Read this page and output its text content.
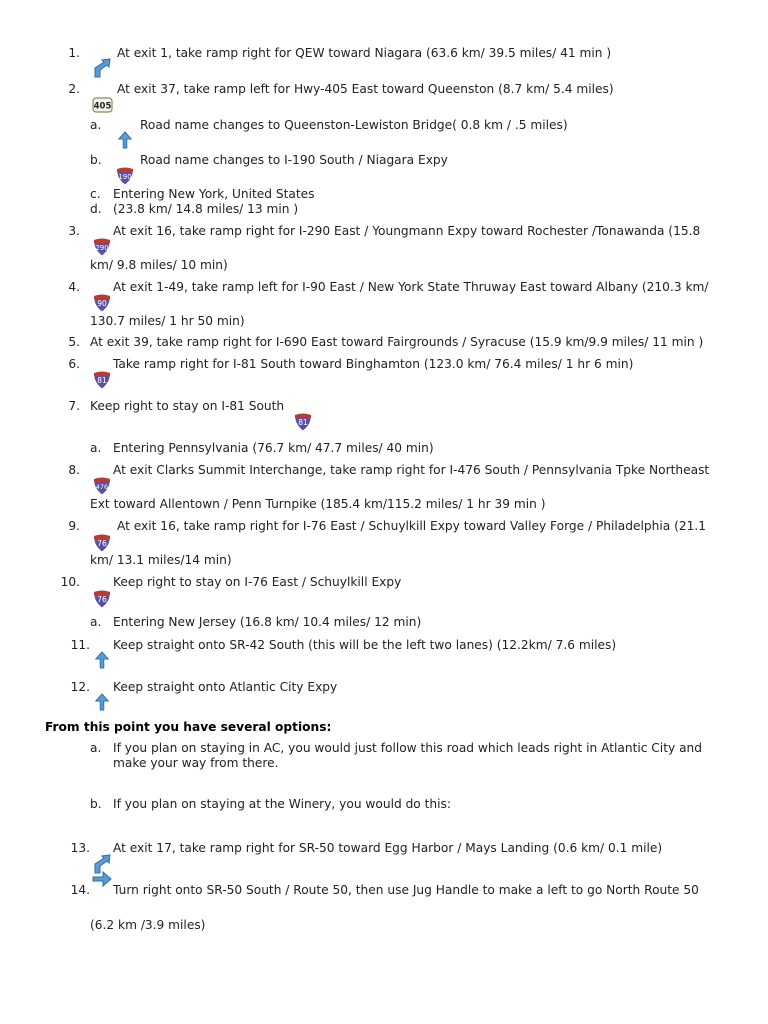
1.	At exit 1, take ramp right for QEW toward Niagara (63.6 km/ 39.5 miles/ 41 min )
2.
405
At exit 37, take ramp left for Hwy-405 East toward Queenston (8.7 km/ 5.4 miles)
a.	Road name changes to Queenston-Lewiston Bridge( 0.8 km / .5 miles)
b.
190
Road name changes to I-190 South / Niagara Expy
c. Entering New York, United States
d. (23.8 km/ 14.8 miles/ 13 min )
3.
290
At exit 16, take ramp right for I-290 East / Youngmann Expy toward Rochester /Tonawanda (15.8
km/ 9.8 miles/ 10 min)
4.
90
At exit 1-49, take ramp left for I-90 East / New York State Thruway East toward Albany (210.3 km/
130.7 miles/ 1 hr 50 min)
5. At exit 39, take ramp right for I-690 East toward Fairgrounds / Syracuse (15.9 km/9.9 miles/ 11 min )
6.
81
Take ramp right for I-81 South toward Binghamton (123.0 km/ 76.4 miles/ 1 hr 6 min)
7. Keep right to stay on I-81 South
81
a. Entering Pennsylvania (76.7 km/ 47.7 miles/ 40 min)
8.
476
At exit Clarks Summit Interchange, take ramp right for I-476 South / Pennsylvania Tpke Northeast
Ext toward Allentown / Penn Turnpike (185.4 km/115.2 miles/ 1 hr 39 min )
9.
76
At exit 16, take ramp right for I-76 East / Schuylkill Expy toward Valley Forge / Philadelphia (21.1
km/ 13.1 miles/14 min)
10.
76
Keep right to stay on I-76 East / Schuylkill Expy
a. Entering New Jersey (16.8 km/ 10.4 miles/ 12 min)
11. Keep straight onto SR-42 South (this will be the left two lanes) (12.2km/ 7.6 miles)
12. Keep straight onto Atlantic City Expy
From this point you have several options:
a. If you plan on staying in AC, you would just follow this road which leads right in Atlantic City and
make your way from there.
b. If you plan on staying at the Winery, you would do this:
13. At exit 17, take ramp right for SR-50 toward Egg Harbor / Mays Landing (0.6 km/ 0.1 mile)
14. Turn right onto SR-50 South / Route 50, then use Jug Handle to make a left to go North Route 50
(6.2 km /3.9 miles)
